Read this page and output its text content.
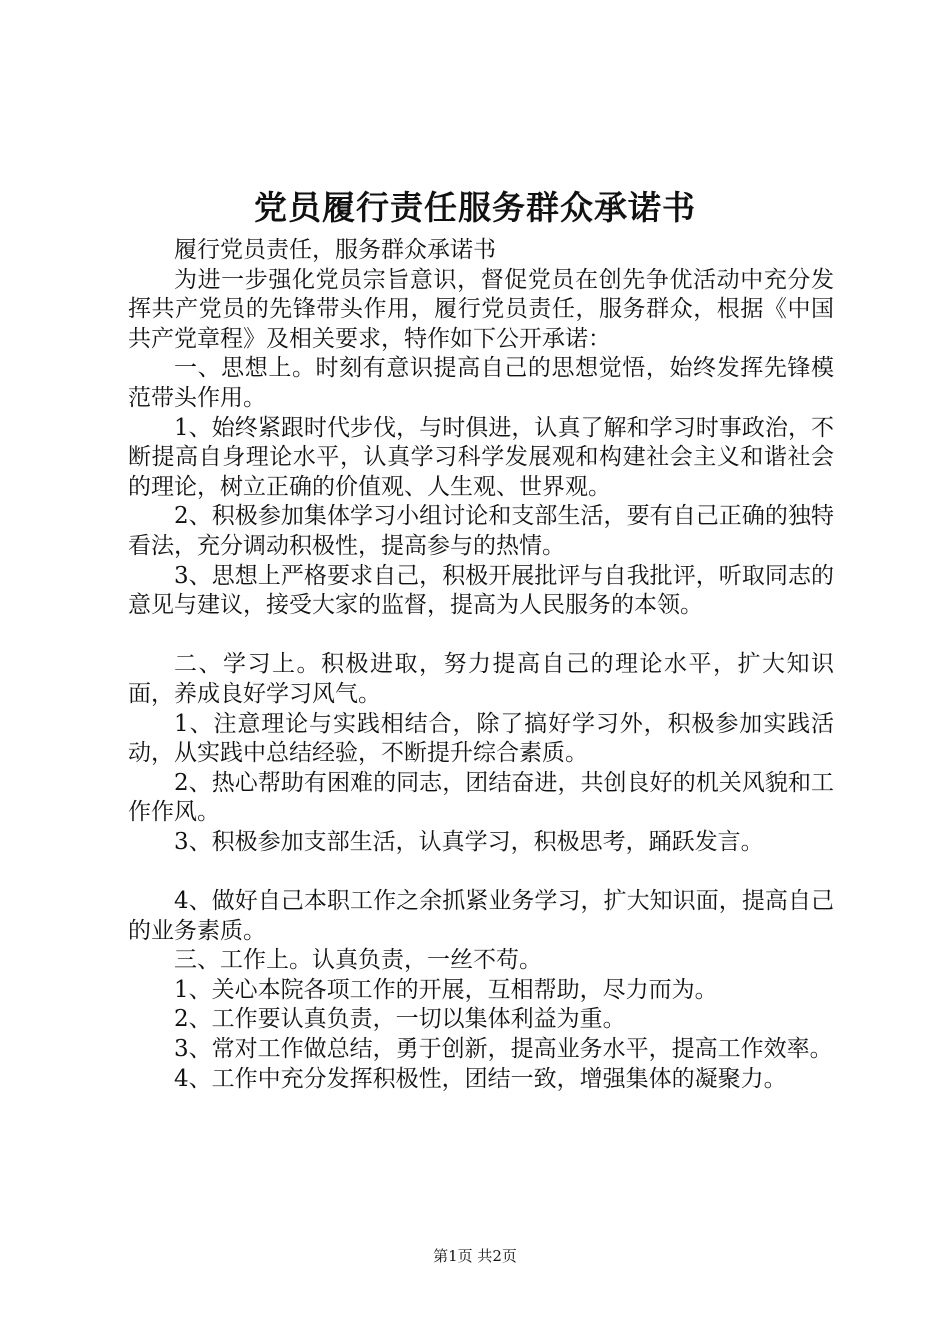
党员履行责任服务群众承诺书

履行党员责任，服务群众承诺书

为进一步强化党员宗旨意识，督促党员在创先争优活动中充分发挥共产党员的先锋带头作用，履行党员责任，服务群众，根据《中国共产党章程》及相关要求，特作如下公开承诺：

一、思想上。时刻有意识提高自己的思想觉悟，始终发挥先锋模范带头作用。

1、始终紧跟时代步伐，与时俱进，认真了解和学习时事政治，不断提高自身理论水平，认真学习科学发展观和构建社会主义和谐社会的理论，树立正确的价值观、人生观、世界观。

2、积极参加集体学习小组讨论和支部生活，要有自己正确的独特看法，充分调动积极性，提高参与的热情。

3、思想上严格要求自己，积极开展批评与自我批评，听取同志的意见与建议，接受大家的监督，提高为人民服务的本领。

二、学习上。积极进取，努力提高自己的理论水平，扩大知识面，养成良好学习风气。

1、注意理论与实践相结合，除了搞好学习外，积极参加实践活动，从实践中总结经验，不断提升综合素质。

2、热心帮助有困难的同志，团结奋进，共创良好的机关风貌和工作作风。

3、积极参加支部生活，认真学习，积极思考，踊跃发言。

4、做好自己本职工作之余抓紧业务学习，扩大知识面，提高自己的业务素质。

三、工作上。认真负责，一丝不苟。

1、关心本院各项工作的开展，互相帮助，尽力而为。

2、工作要认真负责，一切以集体利益为重。

3、常对工作做总结，勇于创新，提高业务水平，提高工作效率。

4、工作中充分发挥积极性，团结一致，增强集体的凝聚力。

第1页 共2页
